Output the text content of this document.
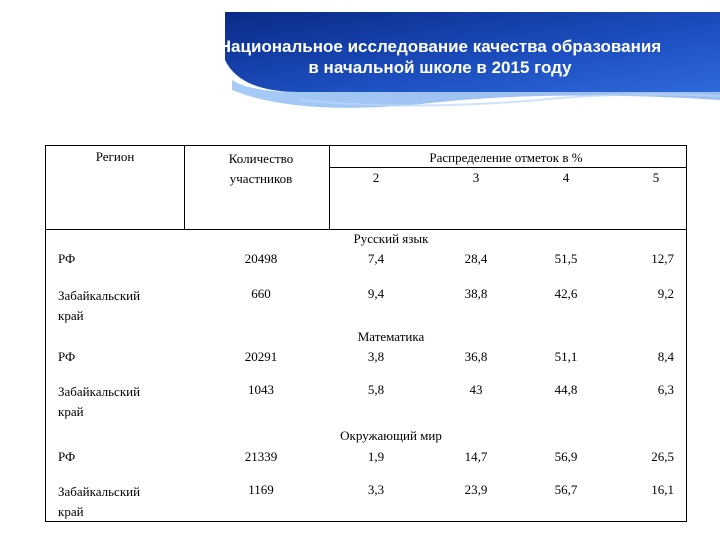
Национальное исследование качества образования
в начальной школе в 2015 году
Регион	Количество
участников
Распределение отметок в %
2	3	4	5
Русский язык
РФ	20498	7,4	28,4	51,5	12,7
Забайкальский
край
660	9,4	38,8	42,6	9,2
Математика
РФ	20291	3,8	36,8	51,1	8,4
Забайкальский
край
1043	5,8	43	44,8	6,3
Окружающий мир
РФ	21339	1,9	14,7	56,9	26,5
Забайкальский
край
1169	3,3	23,9	56,7	16,1
